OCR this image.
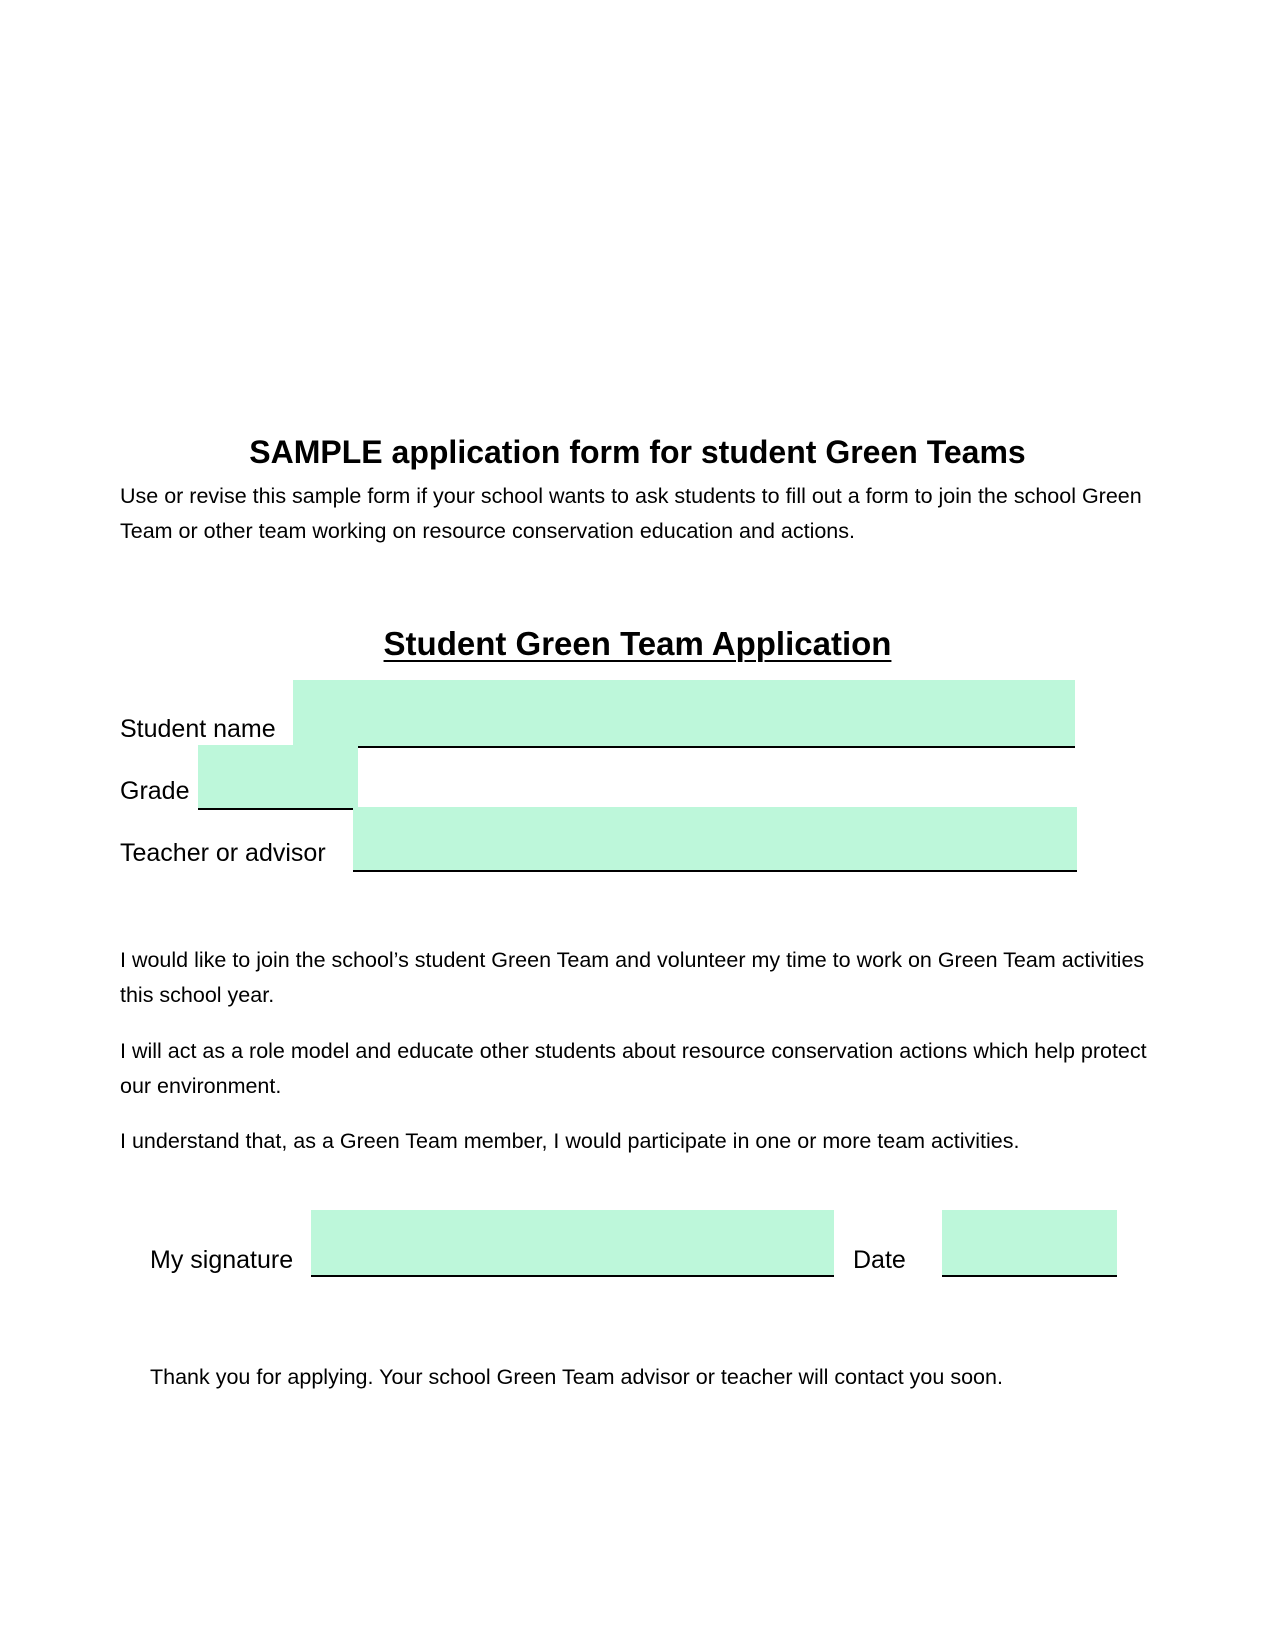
SAMPLE application form for student Green Teams
Use or revise this sample form if your school wants to ask students to fill out a form to join the school Green Team or other team working on resource conservation education and actions.
Student Green Team Application
Student name
Grade
Teacher or advisor
I would like to join the school’s student Green Team and volunteer my time to work on Green Team activities this school year.
I will act as a role model and educate other students about resource conservation actions which help protect our environment.
I understand that, as a Green Team member, I would participate in one or more team activities.
My signature	Date
Thank you for applying. Your school Green Team advisor or teacher will contact you soon.
